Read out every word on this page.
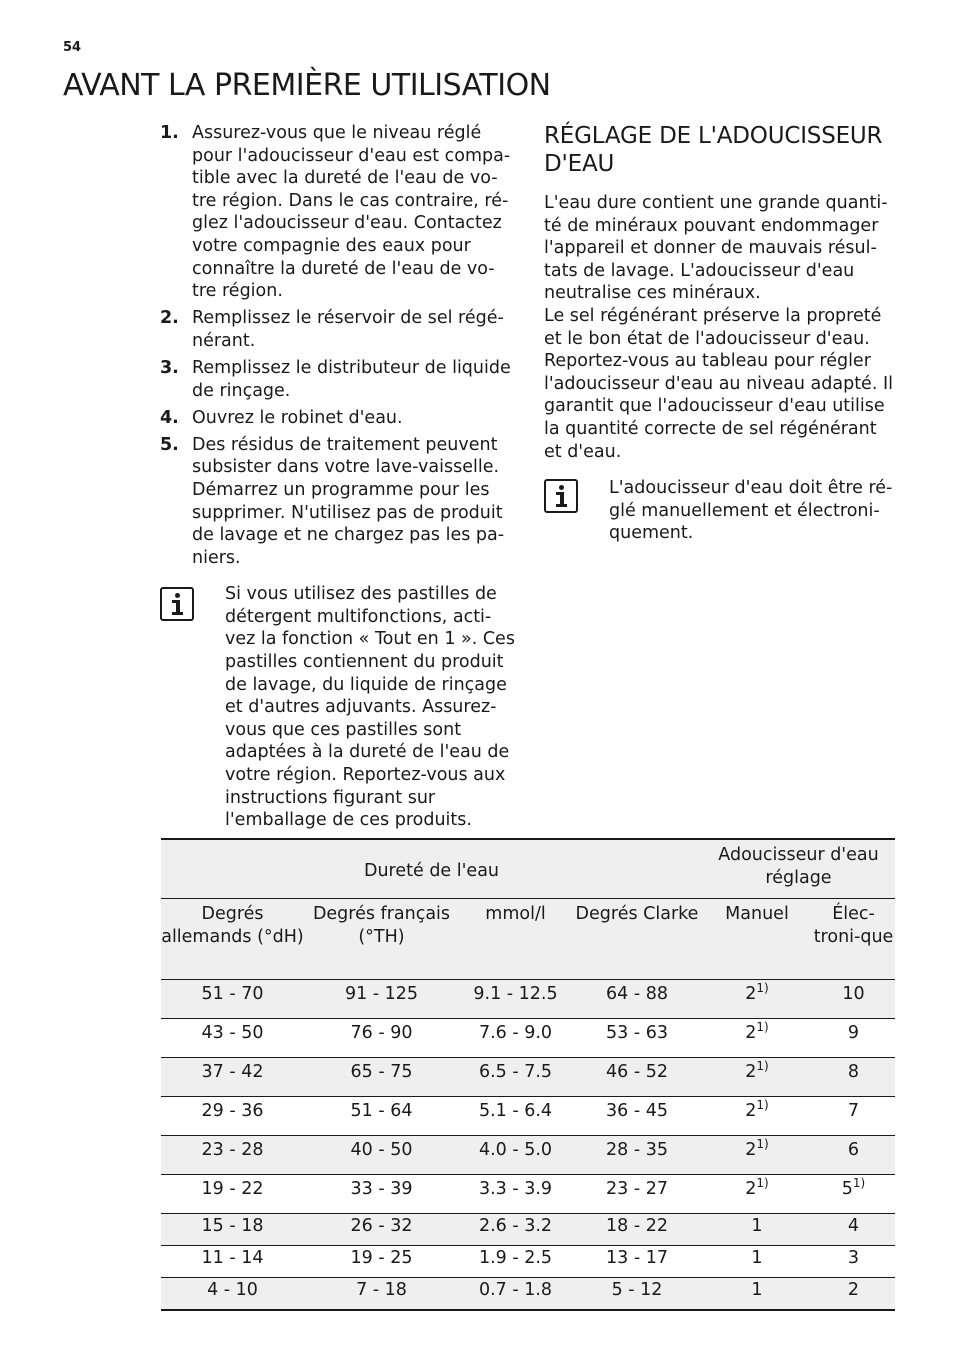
54
AVANT LA PREMIÈRE UTILISATION
1. Assurez-vous que le niveau réglé pour l'adoucisseur d'eau est compa-tible avec la dureté de l'eau de vo-tre région. Dans le cas contraire, ré-glez l'adoucisseur d'eau. Contactez votre compagnie des eaux pour connaître la dureté de l'eau de vo-tre région.
2. Remplissez le réservoir de sel régé-nérant.
3. Remplissez le distributeur de liquide de rinçage.
4. Ouvrez le robinet d'eau.
5. Des résidus de traitement peuvent subsister dans votre lave-vaisselle. Démarrez un programme pour les supprimer. N'utilisez pas de produit de lavage et ne chargez pas les pa-niers.
Si vous utilisez des pastilles de détergent multifonctions, acti-vez la fonction « Tout en 1 ». Ces pastilles contiennent du produit de lavage, du liquide de rinçage et d'autres adjuvants. Assurez-vous que ces pastilles sont adaptées à la dureté de l'eau de votre région. Reportez-vous aux instructions figurant sur l'emballage de ces produits.
RÉGLAGE DE L'ADOUCISSEUR D'EAU

L'eau dure contient une grande quanti-té de minéraux pouvant endommager l'appareil et donner de mauvais résul-tats de lavage. L'adoucisseur d'eau neutralise ces minéraux.

Le sel régénérant préserve la propreté et le bon état de l'adoucisseur d'eau. Reportez-vous au tableau pour régler l'adoucisseur d'eau au niveau adapté. Il garantit que l'adoucisseur d'eau utilise la quantité correcte de sel régénérant et d'eau.

L'adoucisseur d'eau doit être ré-glé manuellement et électroni-quement.
Dureté de l'eau				Adoucisseur d'eau réglage	
Degrés allemands (°dH)	Degrés français (°TH)	mmol/l	Degrés Clarke	Manuel	Élec-troni-que
51 - 70	91 - 125	9.1 - 12.5	64 - 88	2$^{1)}$	10
43 - 50	76 - 90	7.6 - 9.0	53 - 63	2$^{1)}$	9
37 - 42	65 - 75	6.5 - 7.5	46 - 52	2$^{1)}$	8
29 - 36	51 - 64	5.1 - 6.4	36 - 45	2$^{1)}$	7
23 - 28	40 - 50	4.0 - 5.0	28 - 35	2$^{1)}$	6
19 - 22	33 - 39	3.3 - 3.9	23 - 27	2$^{1)}$	5$^{1)}$
15 - 18	26 - 32	2.6 - 3.2	18 - 22	1	4
11 - 14	19 - 25	1.9 - 2.5	13 - 17	1	3
4 - 10	7 - 18	0.7 - 1.8	5 - 12	1	2
